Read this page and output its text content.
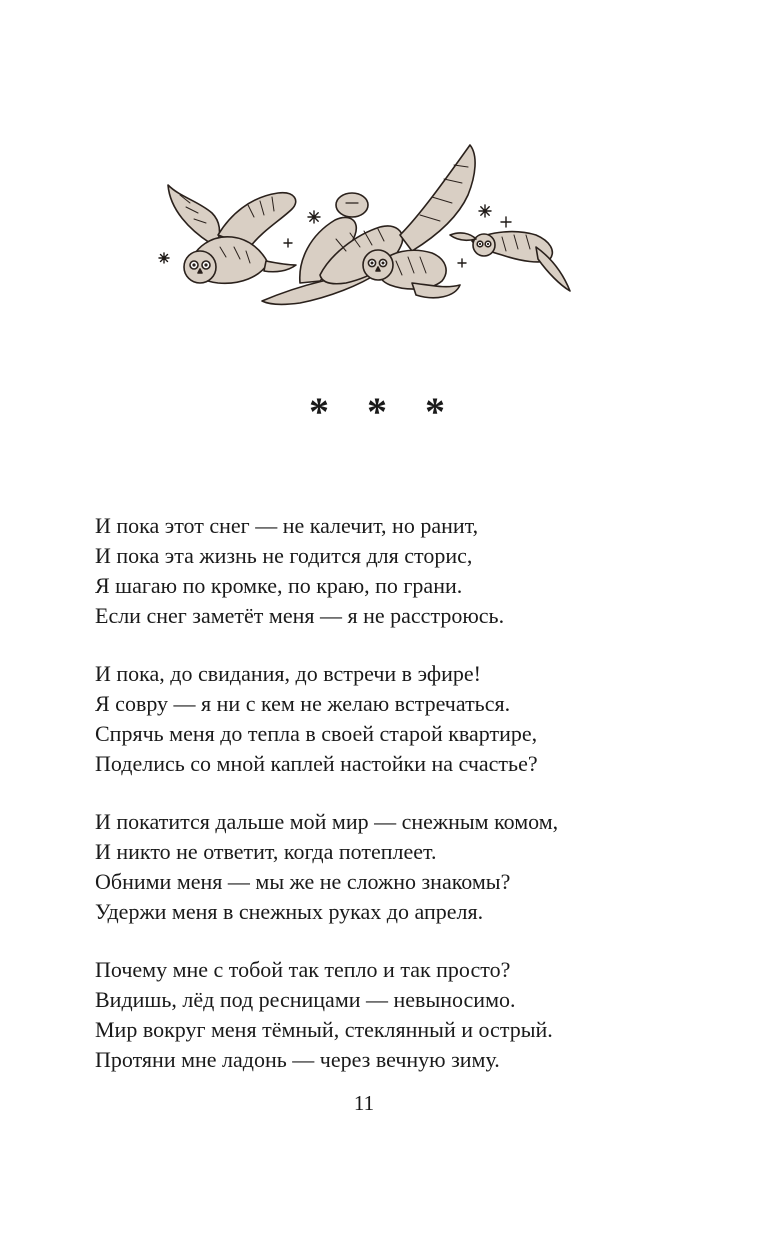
* * *
И пока этот снег — не калечит, но ранит,
И пока эта жизнь не годится для сторис,
Я шагаю по кромке, по краю, по грани.
Если снег заметёт меня — я не расстроюсь.
И пока, до свидания, до встречи в эфире!
Я совру — я ни с кем не желаю встречаться.
Спрячь меня до тепла в своей старой квартире,
Поделись со мной каплей настойки на счастье?
И покатится дальше мой мир — снежным комом,
И никто не ответит, когда потеплеет.
Обними меня — мы же не сложно знакомы?
Удержи меня в снежных руках до апреля.
Почему мне с тобой так тепло и так просто?
Видишь, лёд под ресницами — невыносимо.
Мир вокруг меня тёмный, стеклянный и острый.
Протяни мне ладонь — через вечную зиму.
11
